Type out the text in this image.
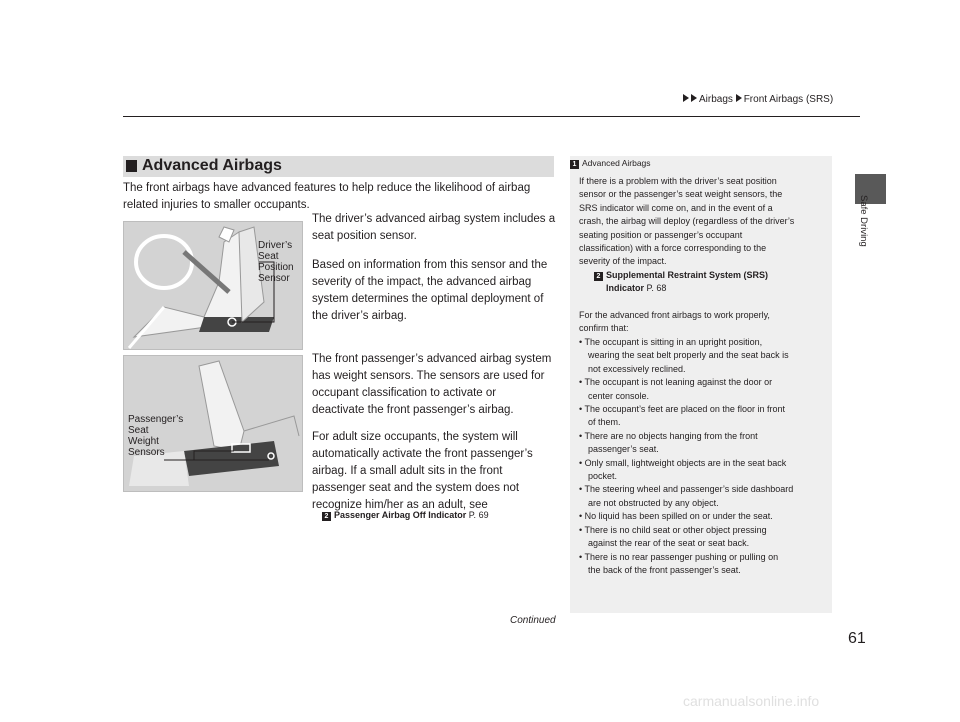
Airbags Front Airbags (SRS)
Safe Driving
Advanced Airbags
The front airbags have advanced features to help reduce the likelihood of airbag
related injuries to smaller occupants.
Driver’s
Seat
Position
Sensor
The driver’s advanced airbag system includes a
seat position sensor.
Based on information from this sensor and the
severity of the impact, the advanced airbag
system determines the optimal deployment of
the driver’s airbag.
Passenger’s
Seat
Weight
Sensors
The front passenger’s advanced airbag system
has weight sensors. The sensors are used for
occupant classification to activate or
deactivate the front passenger’s airbag.
For adult size occupants, the system will
automatically activate the front passenger’s
airbag. If a small adult sits in the front
passenger seat and the system does not
recognize him/her as an adult, see
2 Passenger Airbag Off Indicator P. 69
1 Advanced Airbags
If there is a problem with the driver’s seat position
sensor or the passenger’s seat weight sensors, the
SRS indicator will come on, and in the event of a
crash, the airbag will deploy (regardless of the driver’s
seating position or passenger’s occupant
classification) with a force corresponding to the
severity of the impact.
2 Supplemental Restraint System (SRS)
Indicator P. 68
For the advanced front airbags to work properly,
confirm that:
• The occupant is sitting in an upright position,
wearing the seat belt properly and the seat back is
not excessively reclined.
• The occupant is not leaning against the door or
center console.
• The occupant’s feet are placed on the floor in front
of them.
• There are no objects hanging from the front
passenger’s seat.
• Only small, lightweight objects are in the seat back
pocket.
• The steering wheel and passenger’s side dashboard
are not obstructed by any object.
• No liquid has been spilled on or under the seat.
• There is no child seat or other object pressing
against the rear of the seat or seat back.
• There is no rear passenger pushing or pulling on
the back of the front passenger’s seat.
Continued
61
carmanualsonline.info
